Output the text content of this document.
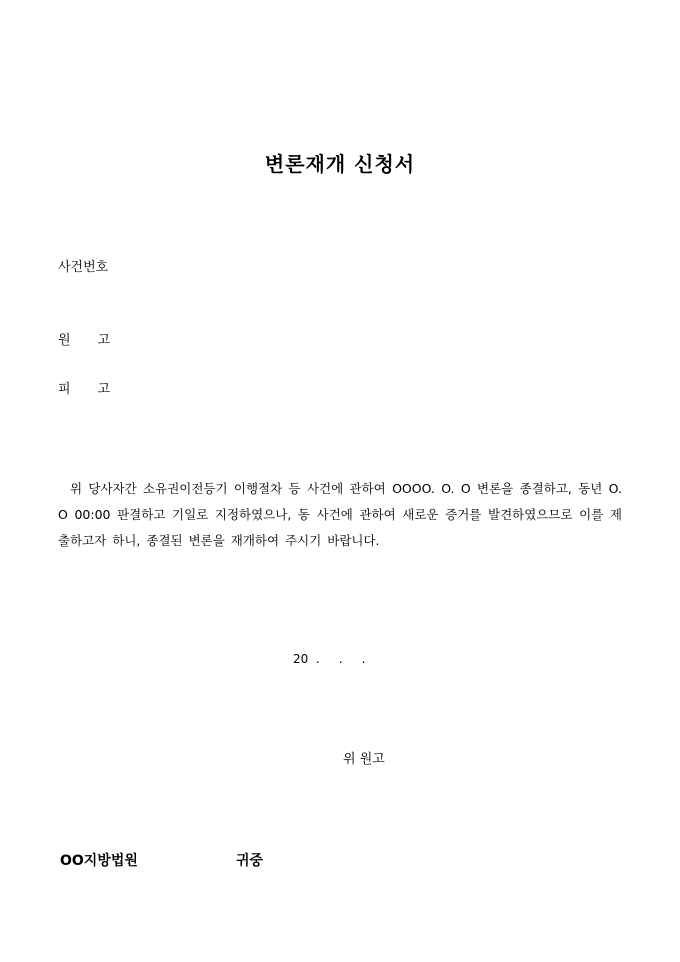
변론재개 신청서
사건번호
원 고
피 고
위 당사자간 소유권이전등기 이행절차 등 사건에 관하여 OOOO. O. O 변론을 종결하고, 동년 O. O 00:00 판결하고 기일로 지정하였으나, 동 사건에 관하여 새로운 증거를 발견하였으므로 이를 제출하고자 하니, 종결된 변론을 재개하여 주시기 바랍니다.
20  .     .     .
위 원고
OO지방법원	귀중
